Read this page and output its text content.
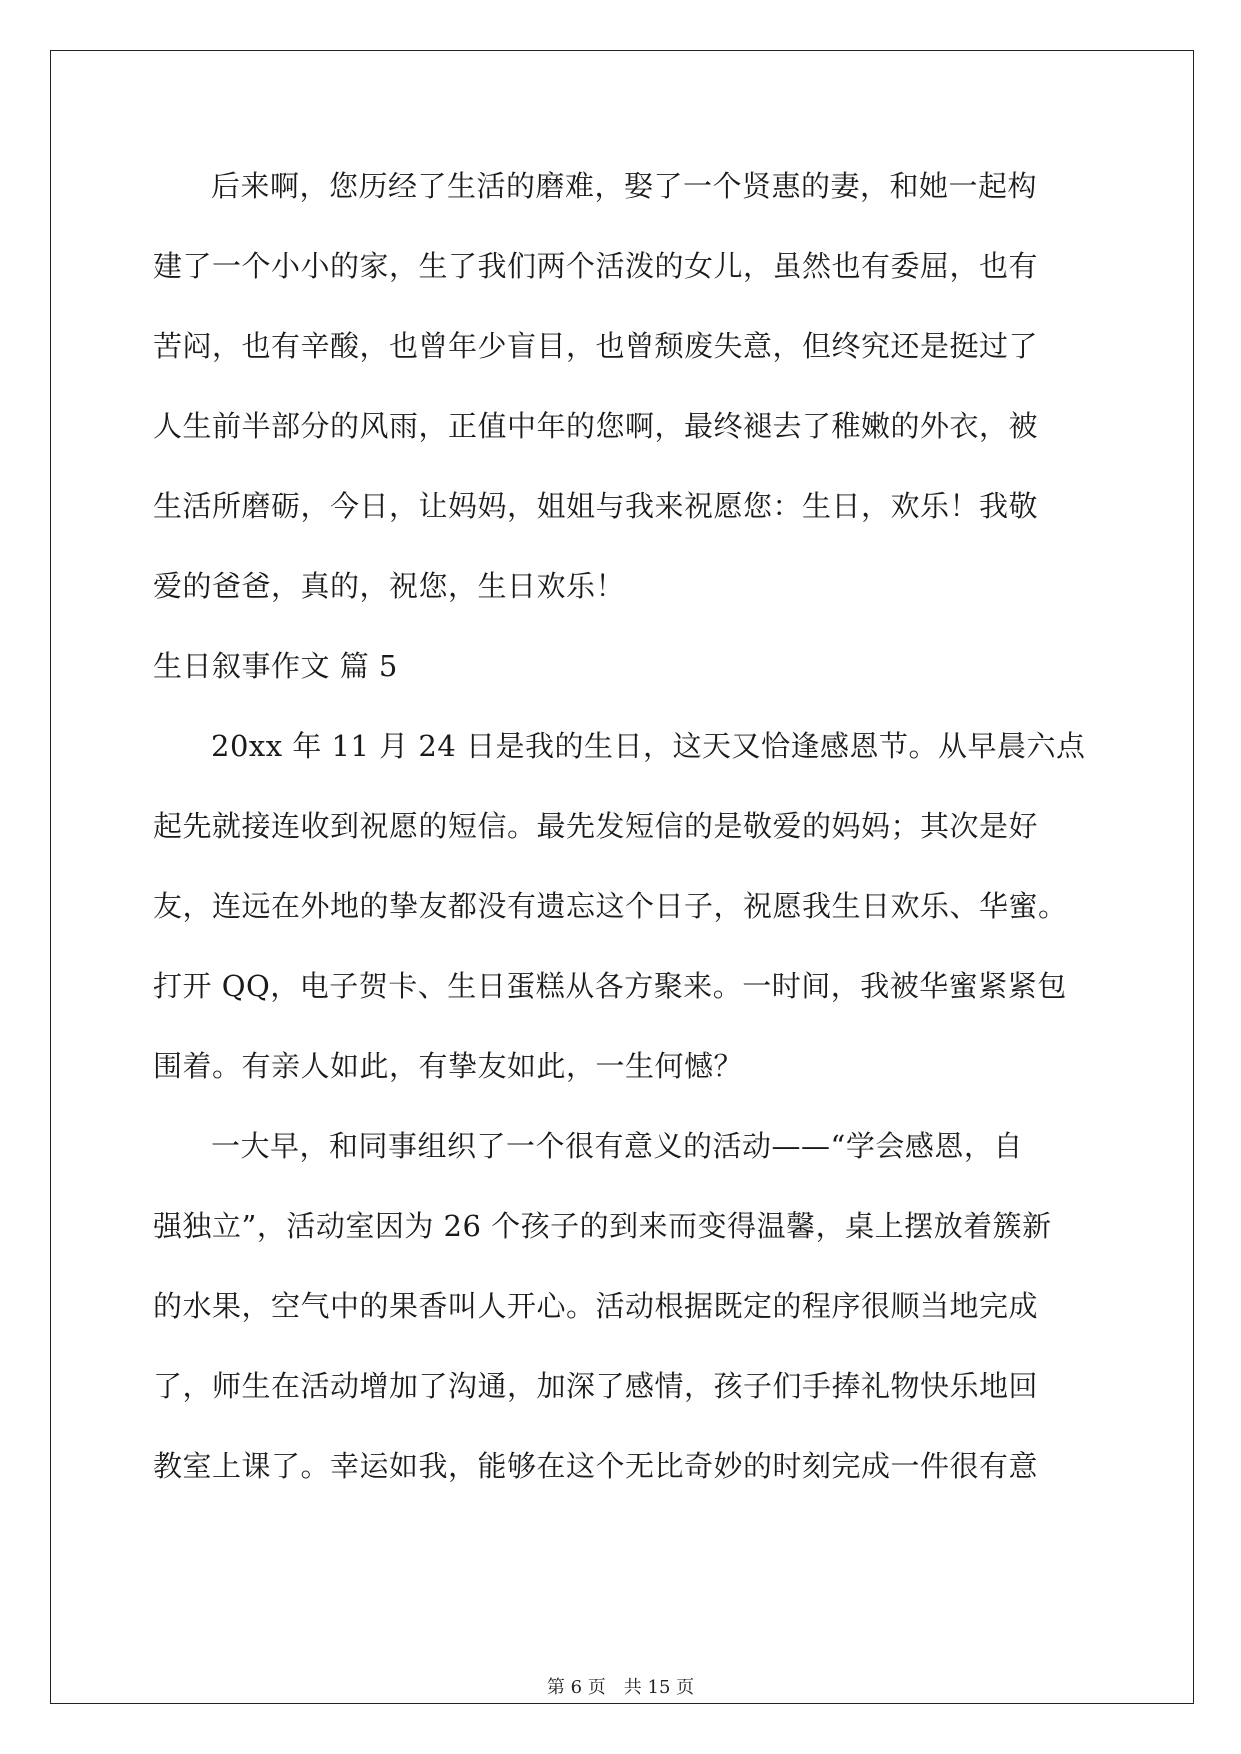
后来啊，您历经了生活的磨难，娶了一个贤惠的妻，和她一起构
建了一个小小的家，生了我们两个活泼的女儿，虽然也有委屈，也有
苦闷，也有辛酸，也曾年少盲目，也曾颓废失意，但终究还是挺过了
人生前半部分的风雨，正值中年的您啊，最终褪去了稚嫩的外衣，被
生活所磨砺，今日，让妈妈，姐姐与我来祝愿您：生日，欢乐！我敬
爱的爸爸，真的，祝您，生日欢乐！
生日叙事作文 篇 5
20xx 年 11 月 24 日是我的生日，这天又恰逢感恩节。从早晨六点
起先就接连收到祝愿的短信。最先发短信的是敬爱的妈妈；其次是好
友，连远在外地的挚友都没有遗忘这个日子，祝愿我生日欢乐、华蜜。
打开 QQ，电子贺卡、生日蛋糕从各方聚来。一时间，我被华蜜紧紧包
围着。有亲人如此，有挚友如此，一生何憾？
一大早，和同事组织了一个很有意义的活动——“学会感恩，自
强独立”，活动室因为 26 个孩子的到来而变得温馨，桌上摆放着簇新
的水果，空气中的果香叫人开心。活动根据既定的程序很顺当地完成
了，师生在活动增加了沟通，加深了感情，孩子们手捧礼物快乐地回
教室上课了。幸运如我，能够在这个无比奇妙的时刻完成一件很有意
第 6 页　共 15 页
